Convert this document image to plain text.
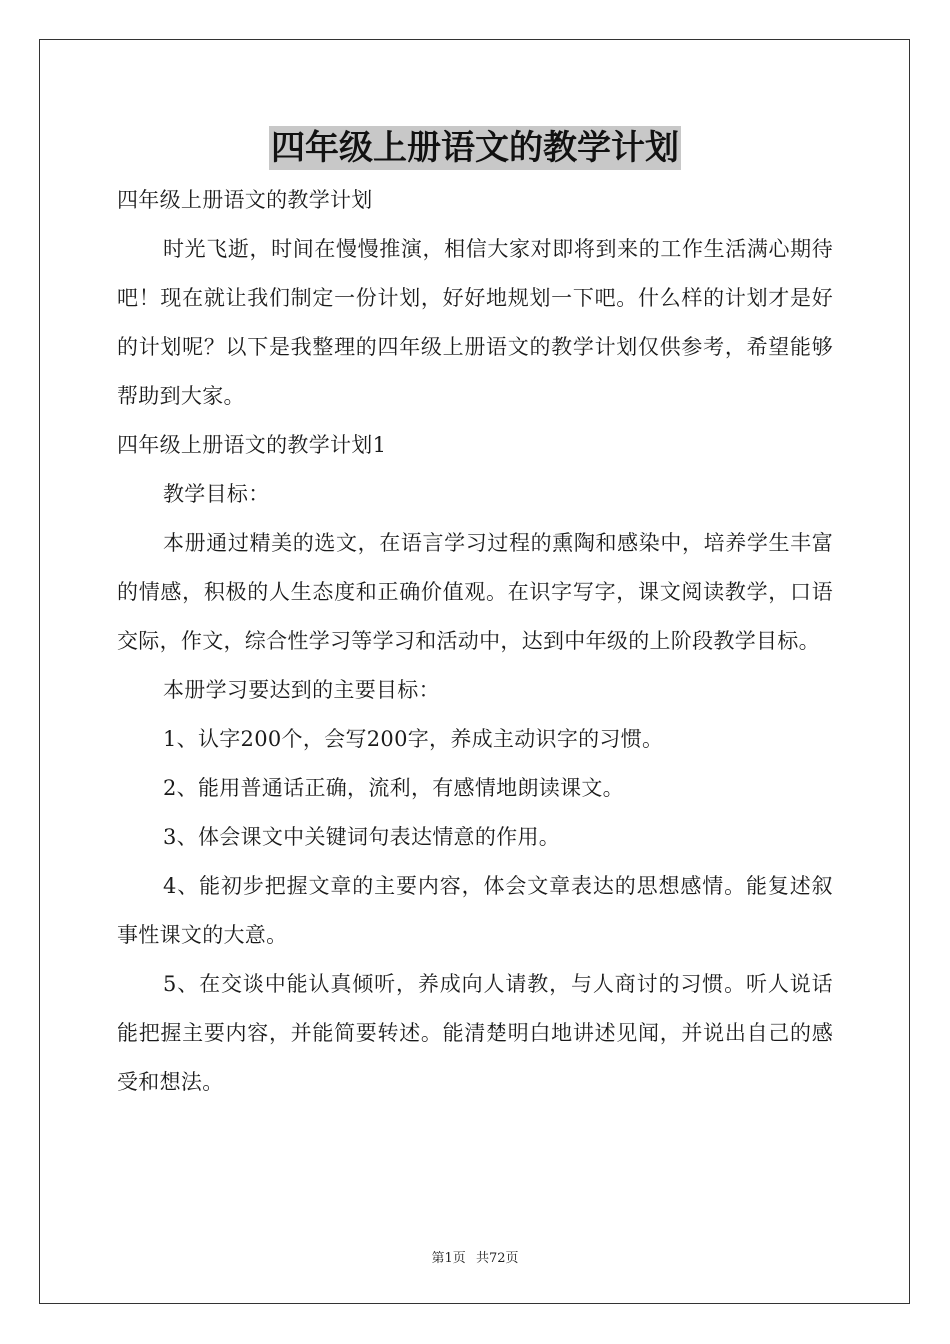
四年级上册语文的教学计划

四年级上册语文的教学计划

时光飞逝，时间在慢慢推演，相信大家对即将到来的工作生活满心期待吧！现在就让我们制定一份计划，好好地规划一下吧。什么样的计划才是好的计划呢？以下是我整理的四年级上册语文的教学计划仅供参考，希望能够帮助到大家。

四年级上册语文的教学计划1

教学目标：

本册通过精美的选文，在语言学习过程的熏陶和感染中，培养学生丰富的情感，积极的人生态度和正确价值观。在识字写字，课文阅读教学，口语交际，作文，综合性学习等学习和活动中，达到中年级的上阶段教学目标。

本册学习要达到的主要目标：

1、认字200个，会写200字，养成主动识字的习惯。

2、能用普通话正确，流利，有感情地朗读课文。

3、体会课文中关键词句表达情意的作用。

4、能初步把握文章的主要内容，体会文章表达的思想感情。能复述叙事性课文的大意。

5、在交谈中能认真倾听，养成向人请教，与人商讨的习惯。听人说话能把握主要内容，并能简要转述。能清楚明白地讲述见闻，并说出自己的感受和想法。

第1页 共72页
